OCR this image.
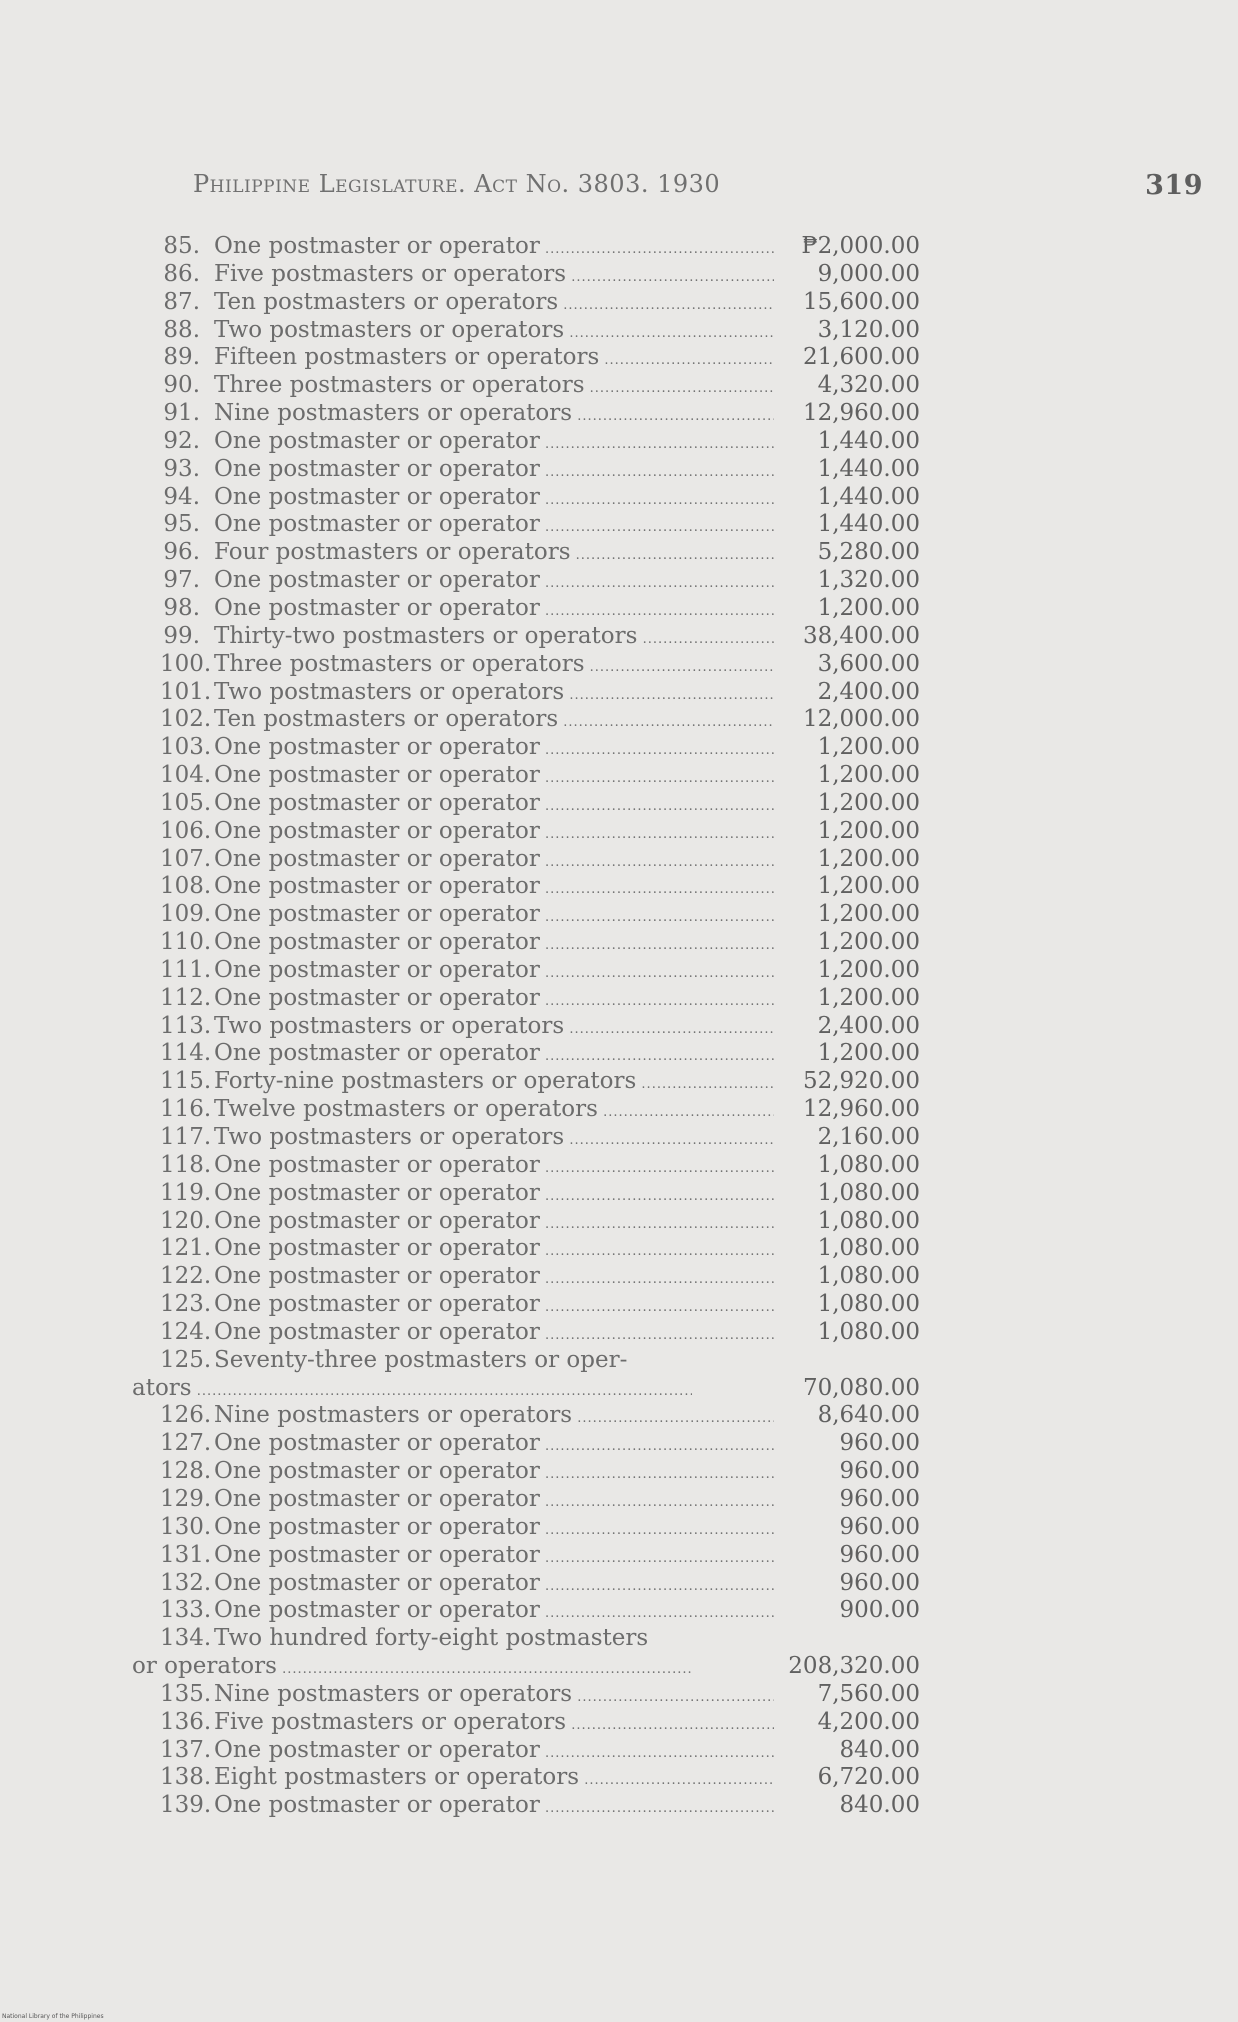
Philippine Legislature. Act No. 3803. 1930	319
85. One postmaster or operator .....	₱2,000.00
86. Five postmasters or operators .....	9,000.00
87. Ten postmasters or operators .....	15,600.00
88. Two postmasters or operators .....	3,120.00
89. Fifteen postmasters or operators .....	21,600.00
90. Three postmasters or operators .....	4,320.00
91. Nine postmasters or operators .....	12,960.00
92. One postmaster or operator .....	1,440.00
93. One postmaster or operator .....	1,440.00
94. One postmaster or operator .....	1,440.00
95. One postmaster or operator .....	1,440.00
96. Four postmasters or operators .....	5,280.00
97. One postmaster or operator .....	1,320.00
98. One postmaster or operator .....	1,200.00
99. Thirty-two postmasters or operators .....	38,400.00
100. Three postmasters or operators .....	3,600.00
101. Two postmasters or operators .....	2,400.00
102. Ten postmasters or operators .....	12,000.00
103. One postmaster or operator .....	1,200.00
104. One postmaster or operator .....	1,200.00
105. One postmaster or operator .....	1,200.00
106. One postmaster or operator .....	1,200.00
107. One postmaster or operator .....	1,200.00
108. One postmaster or operator .....	1,200.00
109. One postmaster or operator .....	1,200.00
110. One postmaster or operator .....	1,200.00
111. One postmaster or operator .....	1,200.00
112. One postmaster or operator .....	1,200.00
113. Two postmasters or operators .....	2,400.00
114. One postmaster or operator .....	1,200.00
115. Forty-nine postmasters or operators .....	52,920.00
116. Twelve postmasters or operators .....	12,960.00
117. Two postmasters or operators .....	2,160.00
118. One postmaster or operator .....	1,080.00
119. One postmaster or operator .....	1,080.00
120. One postmaster or operator .....	1,080.00
121. One postmaster or operator .....	1,080.00
122. One postmaster or operator .....	1,080.00
123. One postmaster or operator .....	1,080.00
124. One postmaster or operator .....	1,080.00
125. Seventy-three postmasters or oper-
ators .....	70,080.00
126. Nine postmasters or operators .....	8,640.00
127. One postmaster or operator .....	960.00
128. One postmaster or operator .....	960.00
129. One postmaster or operator .....	960.00
130. One postmaster or operator .....	960.00
131. One postmaster or operator .....	960.00
132. One postmaster or operator .....	960.00
133. One postmaster or operator .....	900.00
134. Two hundred forty-eight postmasters
or operators .....	208,320.00
135. Nine postmasters or operators .....	7,560.00
136. Five postmasters or operators .....	4,200.00
137. One postmaster or operator .....	840.00
138. Eight postmasters or operators .....	6,720.00
139. One postmaster or operator .....	840.00
National Library of the Philippines
